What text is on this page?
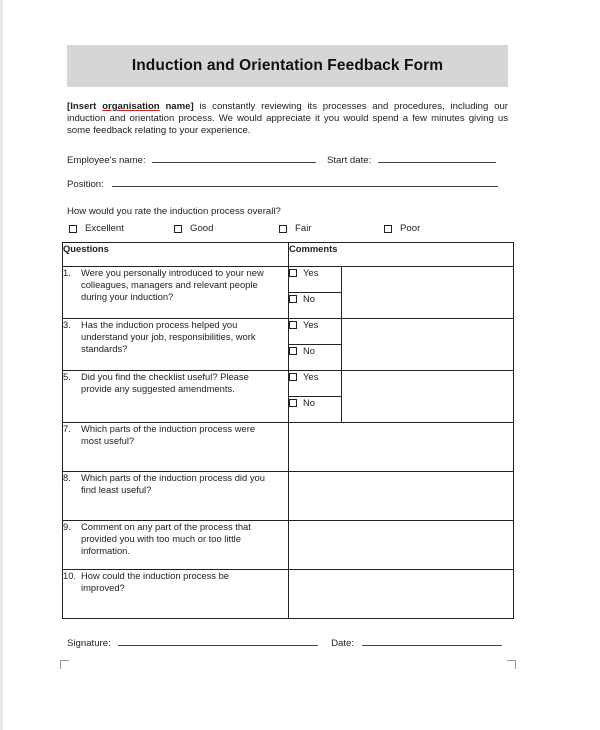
Induction and Orientation Feedback Form
[Insert organisation name] is constantly reviewing its processes and procedures, including our induction and orientation process. We would appreciate it you would spend a few minutes giving us some feedback relating to your experience.
Employee's name:	Start date:
Position:
How would you rate the induction process overall?
Excellent	Good	Fair	Poor
Questions	Comments	
1. Were you personally introduced to your new colleagues, managers and relevant people during your induction?	Yes	
	No	
3. Has the induction process helped you understand your job, responsibilities, work standards?	Yes	
	No	
5. Did you find the checklist useful? Please provide any suggested amendments.	Yes	
	No	
7. Which parts of the induction process were most useful?		
8. Which parts of the induction process did you find least useful?		
9. Comment on any part of the process that provided you with too much or too little information.		
10. How could the induction process be improved?		
Signature:	Date:
